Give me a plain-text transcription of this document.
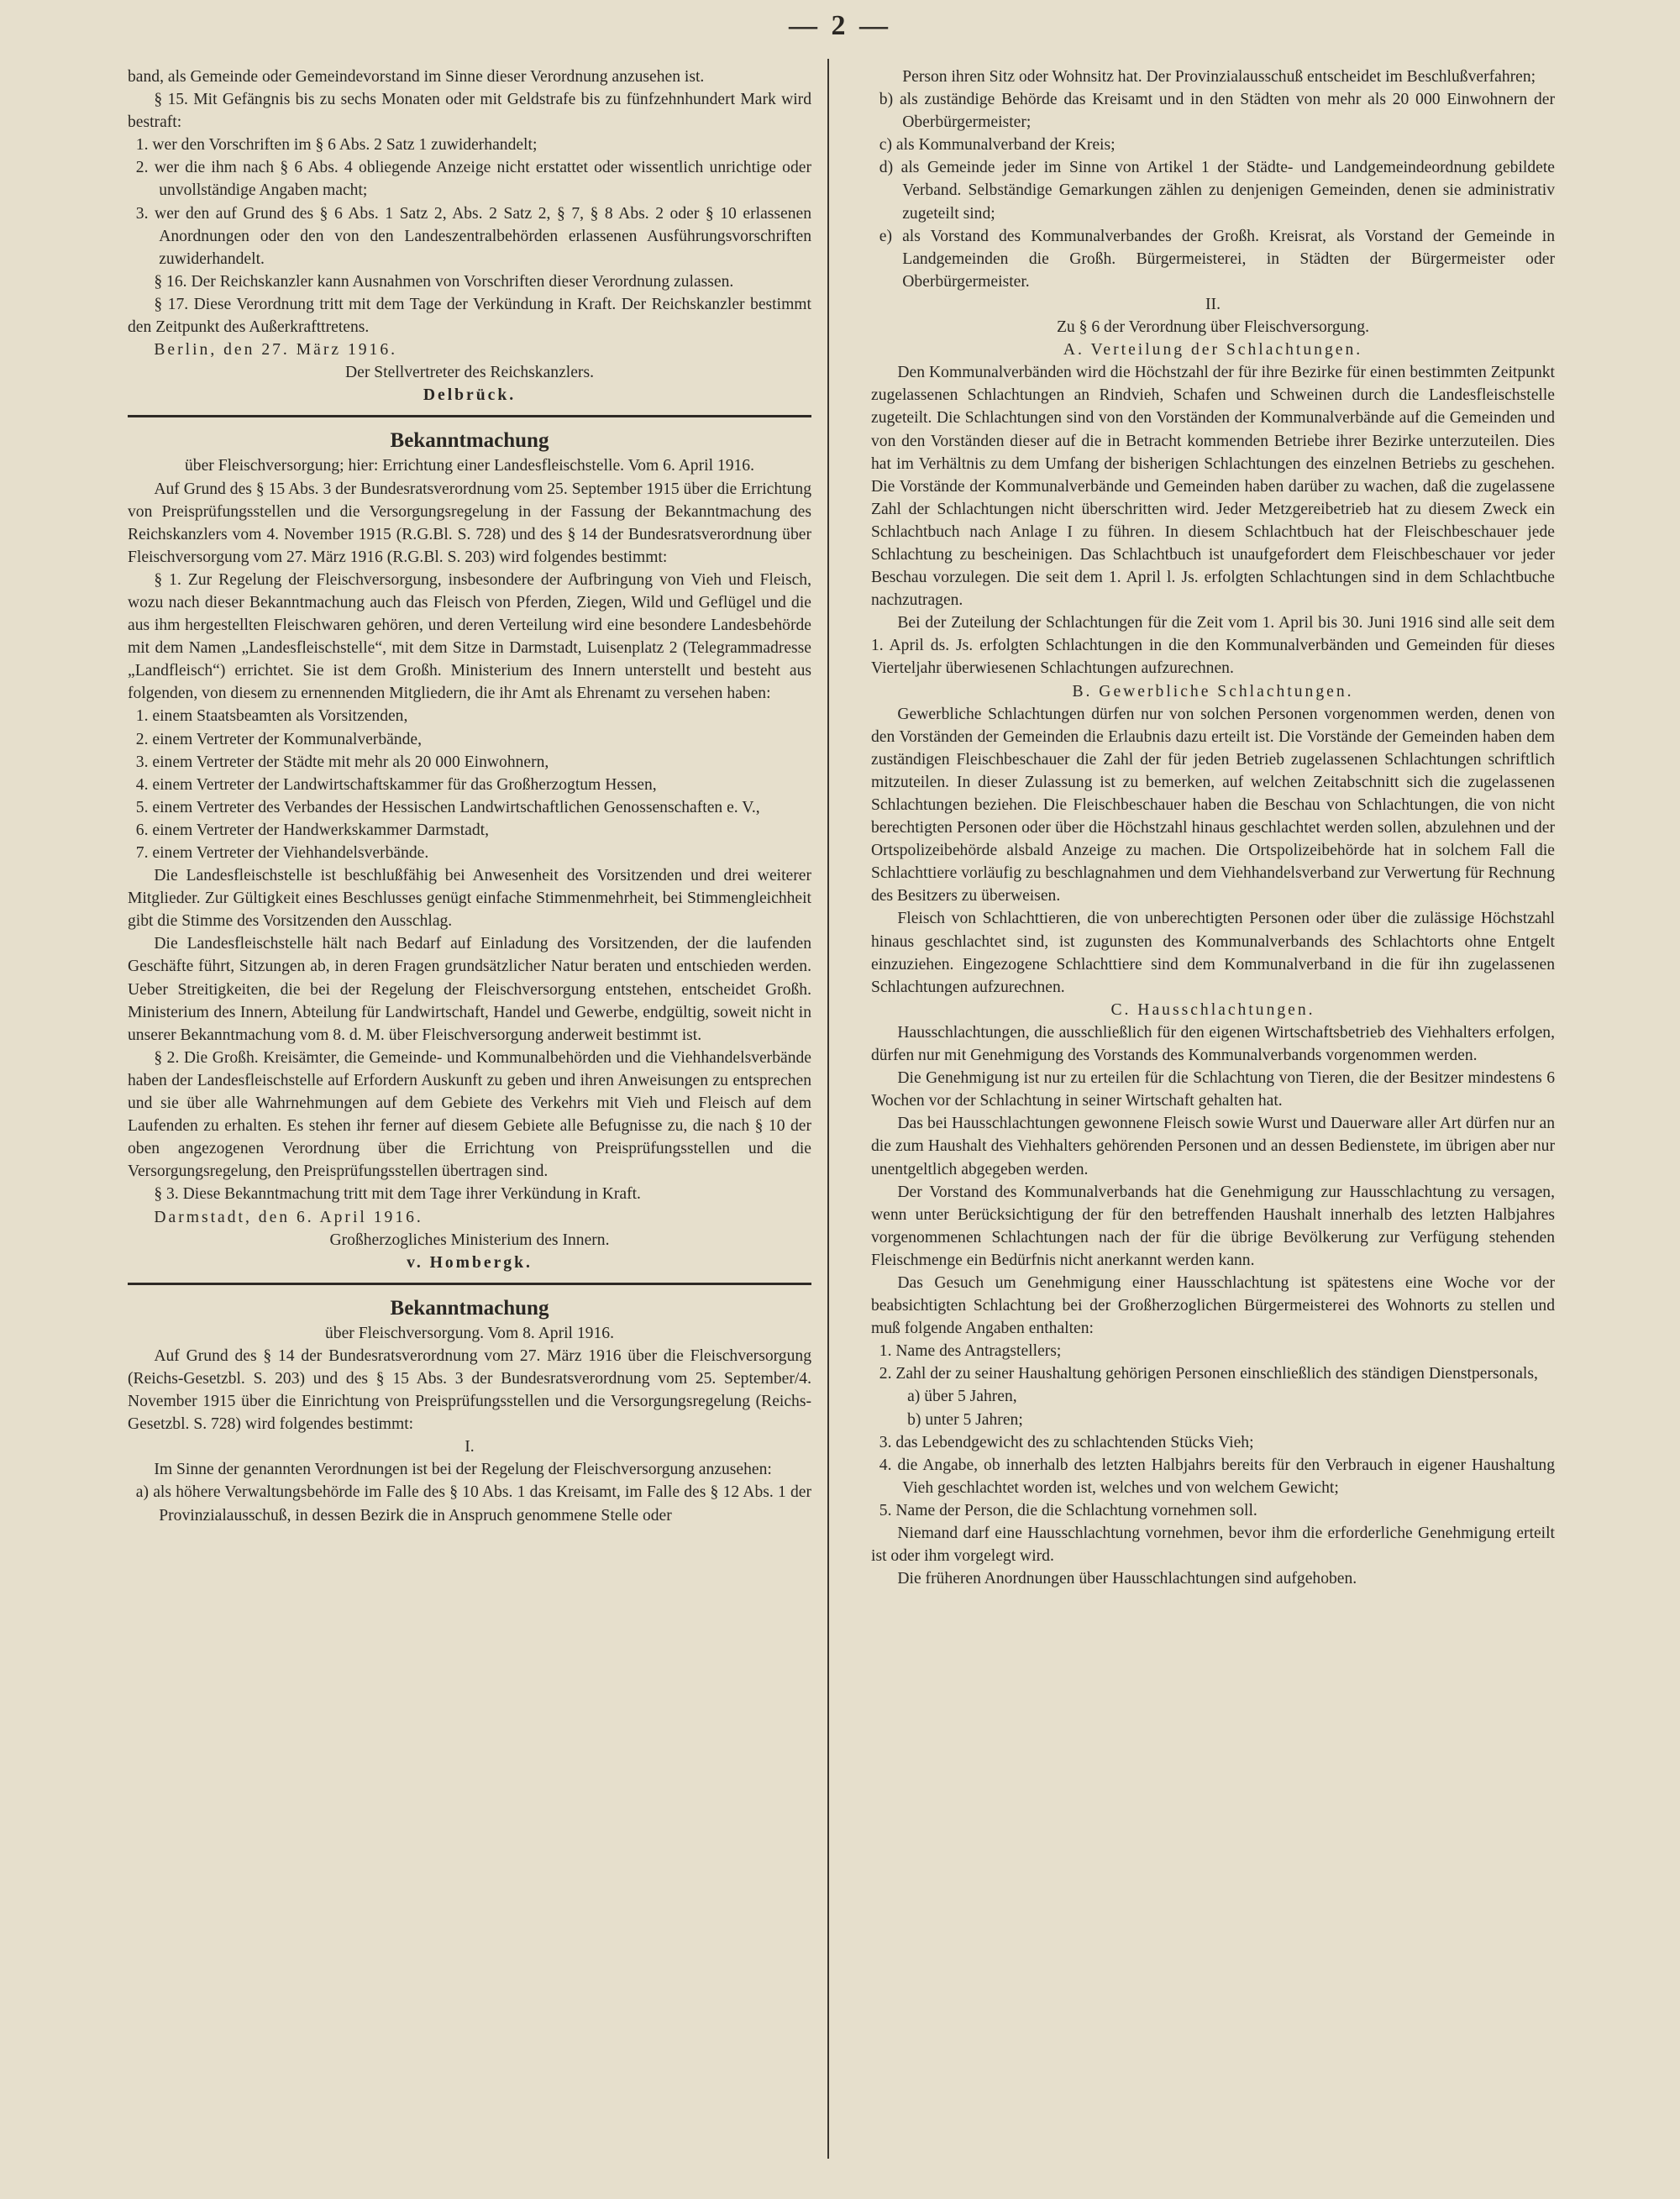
— 2 —

band, als Gemeinde oder Gemeindevorstand im Sinne dieser Verordnung anzusehen ist.

§ 15. Mit Gefängnis bis zu sechs Monaten oder mit Geldstrafe bis zu fünfzehnhundert Mark wird bestraft:

1. wer den Vorschriften im § 6 Abs. 2 Satz 1 zuwiderhandelt;

2. wer die ihm nach § 6 Abs. 4 obliegende Anzeige nicht erstattet oder wissentlich unrichtige oder unvollständige Angaben macht;

3. wer den auf Grund des § 6 Abs. 1 Satz 2, Abs. 2 Satz 2, § 7, § 8 Abs. 2 oder § 10 erlassenen Anordnungen oder den von den Landeszentralbehörden erlassenen Ausführungsvorschriften zuwiderhandelt.

§ 16. Der Reichskanzler kann Ausnahmen von Vorschriften dieser Verordnung zulassen.

§ 17. Diese Verordnung tritt mit dem Tage der Verkündung in Kraft. Der Reichskanzler bestimmt den Zeitpunkt des Außerkrafttretens.

Berlin, den 27. März 1916.

Der Stellvertreter des Reichskanzlers.

Delbrück.

Bekanntmachung

über Fleischversorgung; hier: Errichtung einer Landesfleischstelle. Vom 6. April 1916.

Auf Grund des § 15 Abs. 3 der Bundesratsverordnung vom 25. September 1915 über die Errichtung von Preisprüfungsstellen und die Versorgungsregelung in der Fassung der Bekanntmachung des Reichskanzlers vom 4. November 1915 (R.G.Bl. S. 728) und des § 14 der Bundesratsverordnung über Fleischversorgung vom 27. März 1916 (R.G.Bl. S. 203) wird folgendes bestimmt:

§ 1. Zur Regelung der Fleischversorgung, insbesondere der Aufbringung von Vieh und Fleisch, wozu nach dieser Bekanntmachung auch das Fleisch von Pferden, Ziegen, Wild und Geflügel und die aus ihm hergestellten Fleischwaren gehören, und deren Verteilung wird eine besondere Landesbehörde mit dem Namen „Landesfleischstelle“, mit dem Sitze in Darmstadt, Luisenplatz 2 (Telegrammadresse „Landfleisch“) errichtet. Sie ist dem Großh. Ministerium des Innern unterstellt und besteht aus folgenden, von diesem zu ernennenden Mitgliedern, die ihr Amt als Ehrenamt zu versehen haben:

1. einem Staatsbeamten als Vorsitzenden,

2. einem Vertreter der Kommunalverbände,

3. einem Vertreter der Städte mit mehr als 20 000 Einwohnern,

4. einem Vertreter der Landwirtschaftskammer für das Großherzogtum Hessen,

5. einem Vertreter des Verbandes der Hessischen Landwirtschaftlichen Genossenschaften e. V.,

6. einem Vertreter der Handwerkskammer Darmstadt,

7. einem Vertreter der Viehhandelsverbände.

Die Landesfleischstelle ist beschlußfähig bei Anwesenheit des Vorsitzenden und drei weiterer Mitglieder. Zur Gültigkeit eines Beschlusses genügt einfache Stimmenmehrheit, bei Stimmengleichheit gibt die Stimme des Vorsitzenden den Ausschlag.

Die Landesfleischstelle hält nach Bedarf auf Einladung des Vorsitzenden, der die laufenden Geschäfte führt, Sitzungen ab, in deren Fragen grundsätzlicher Natur beraten und entschieden werden. Ueber Streitigkeiten, die bei der Regelung der Fleischversorgung entstehen, entscheidet Großh. Ministerium des Innern, Abteilung für Landwirtschaft, Handel und Gewerbe, endgültig, soweit nicht in unserer Bekanntmachung vom 8. d. M. über Fleischversorgung anderweit bestimmt ist.

§ 2. Die Großh. Kreisämter, die Gemeinde- und Kommunalbehörden und die Viehhandelsverbände haben der Landesfleischstelle auf Erfordern Auskunft zu geben und ihren Anweisungen zu entsprechen und sie über alle Wahrnehmungen auf dem Gebiete des Verkehrs mit Vieh und Fleisch auf dem Laufenden zu erhalten. Es stehen ihr ferner auf diesem Gebiete alle Befugnisse zu, die nach § 10 der oben angezogenen Verordnung über die Errichtung von Preisprüfungsstellen und die Versorgungsregelung, den Preisprüfungsstellen übertragen sind.

§ 3. Diese Bekanntmachung tritt mit dem Tage ihrer Verkündung in Kraft.

Darmstadt, den 6. April 1916.

Großherzogliches Ministerium des Innern.

v. Hombergk.

Bekanntmachung

über Fleischversorgung. Vom 8. April 1916.

Auf Grund des § 14 der Bundesratsverordnung vom 27. März 1916 über die Fleischversorgung (Reichs-Gesetzbl. S. 203) und des § 15 Abs. 3 der Bundesratsverordnung vom 25. September/4. November 1915 über die Einrichtung von Preisprüfungsstellen und die Versorgungsregelung (Reichs-Gesetzbl. S. 728) wird folgendes bestimmt:

I.

Im Sinne der genannten Verordnungen ist bei der Regelung der Fleischversorgung anzusehen:

a) als höhere Verwaltungsbehörde im Falle des § 10 Abs. 1 das Kreisamt, im Falle des § 12 Abs. 1 der Provinzialausschuß, in dessen Bezirk die in Anspruch genommene Stelle oder

Person ihren Sitz oder Wohnsitz hat. Der Provinzialausschuß entscheidet im Beschlußverfahren;

b) als zuständige Behörde das Kreisamt und in den Städten von mehr als 20 000 Einwohnern der Oberbürgermeister;

c) als Kommunalverband der Kreis;

d) als Gemeinde jeder im Sinne von Artikel 1 der Städte- und Landgemeindeordnung gebildete Verband. Selbständige Gemarkungen zählen zu denjenigen Gemeinden, denen sie administrativ zugeteilt sind;

e) als Vorstand des Kommunalverbandes der Großh. Kreisrat, als Vorstand der Gemeinde in Landgemeinden die Großh. Bürgermeisterei, in Städten der Bürgermeister oder Oberbürgermeister.

II.

Zu § 6 der Verordnung über Fleischversorgung.

A. Verteilung der Schlachtungen.

Den Kommunalverbänden wird die Höchstzahl der für ihre Bezirke für einen bestimmten Zeitpunkt zugelassenen Schlachtungen an Rindvieh, Schafen und Schweinen durch die Landesfleischstelle zugeteilt. Die Schlachtungen sind von den Vorständen der Kommunalverbände auf die Gemeinden und von den Vorständen dieser auf die in Betracht kommenden Betriebe ihrer Bezirke unterzuteilen. Dies hat im Verhältnis zu dem Umfang der bisherigen Schlachtungen des einzelnen Betriebs zu geschehen. Die Vorstände der Kommunalverbände und Gemeinden haben darüber zu wachen, daß die zugelassene Zahl der Schlachtungen nicht überschritten wird. Jeder Metzgereibetrieb hat zu diesem Zweck ein Schlachtbuch nach Anlage I zu führen. In diesem Schlachtbuch hat der Fleischbeschauer jede Schlachtung zu bescheinigen. Das Schlachtbuch ist unaufgefordert dem Fleischbeschauer vor jeder Beschau vorzulegen. Die seit dem 1. April l. Js. erfolgten Schlachtungen sind in dem Schlachtbuche nachzutragen.

Bei der Zuteilung der Schlachtungen für die Zeit vom 1. April bis 30. Juni 1916 sind alle seit dem 1. April ds. Js. erfolgten Schlachtungen in die den Kommunalverbänden und Gemeinden für dieses Vierteljahr überwiesenen Schlachtungen aufzurechnen.

B. Gewerbliche Schlachtungen.

Gewerbliche Schlachtungen dürfen nur von solchen Personen vorgenommen werden, denen von den Vorständen der Gemeinden die Erlaubnis dazu erteilt ist. Die Vorstände der Gemeinden haben dem zuständigen Fleischbeschauer die Zahl der für jeden Betrieb zugelassenen Schlachtungen schriftlich mitzuteilen. In dieser Zulassung ist zu bemerken, auf welchen Zeitabschnitt sich die zugelassenen Schlachtungen beziehen. Die Fleischbeschauer haben die Beschau von Schlachtungen, die von nicht berechtigten Personen oder über die Höchstzahl hinaus geschlachtet werden sollen, abzulehnen und der Ortspolizeibehörde alsbald Anzeige zu machen. Die Ortspolizeibehörde hat in solchem Fall die Schlachttiere vorläufig zu beschlagnahmen und dem Viehhandelsverband zur Verwertung für Rechnung des Besitzers zu überweisen.

Fleisch von Schlachttieren, die von unberechtigten Personen oder über die zulässige Höchstzahl hinaus geschlachtet sind, ist zugunsten des Kommunalverbands des Schlachtorts ohne Entgelt einzuziehen. Eingezogene Schlachttiere sind dem Kommunalverband in die für ihn zugelassenen Schlachtungen aufzurechnen.

C. Hausschlachtungen.

Hausschlachtungen, die ausschließlich für den eigenen Wirtschaftsbetrieb des Viehhalters erfolgen, dürfen nur mit Genehmigung des Vorstands des Kommunalverbands vorgenommen werden.

Die Genehmigung ist nur zu erteilen für die Schlachtung von Tieren, die der Besitzer mindestens 6 Wochen vor der Schlachtung in seiner Wirtschaft gehalten hat.

Das bei Hausschlachtungen gewonnene Fleisch sowie Wurst und Dauerware aller Art dürfen nur an die zum Haushalt des Viehhalters gehörenden Personen und an dessen Bedienstete, im übrigen aber nur unentgeltlich abgegeben werden.

Der Vorstand des Kommunalverbands hat die Genehmigung zur Hausschlachtung zu versagen, wenn unter Berücksichtigung der für den betreffenden Haushalt innerhalb des letzten Halbjahres vorgenommenen Schlachtungen nach der für die übrige Bevölkerung zur Verfügung stehenden Fleischmenge ein Bedürfnis nicht anerkannt werden kann.

Das Gesuch um Genehmigung einer Hausschlachtung ist spätestens eine Woche vor der beabsichtigten Schlachtung bei der Großherzoglichen Bürgermeisterei des Wohnorts zu stellen und muß folgende Angaben enthalten:

1. Name des Antragstellers;

2. Zahl der zu seiner Haushaltung gehörigen Personen einschließlich des ständigen Dienstpersonals,

a) über 5 Jahren,

b) unter 5 Jahren;

3. das Lebendgewicht des zu schlachtenden Stücks Vieh;

4. die Angabe, ob innerhalb des letzten Halbjahrs bereits für den Verbrauch in eigener Haushaltung Vieh geschlachtet worden ist, welches und von welchem Gewicht;

5. Name der Person, die die Schlachtung vornehmen soll.

Niemand darf eine Hausschlachtung vornehmen, bevor ihm die erforderliche Genehmigung erteilt ist oder ihm vorgelegt wird.

Die früheren Anordnungen über Hausschlachtungen sind aufgehoben.
